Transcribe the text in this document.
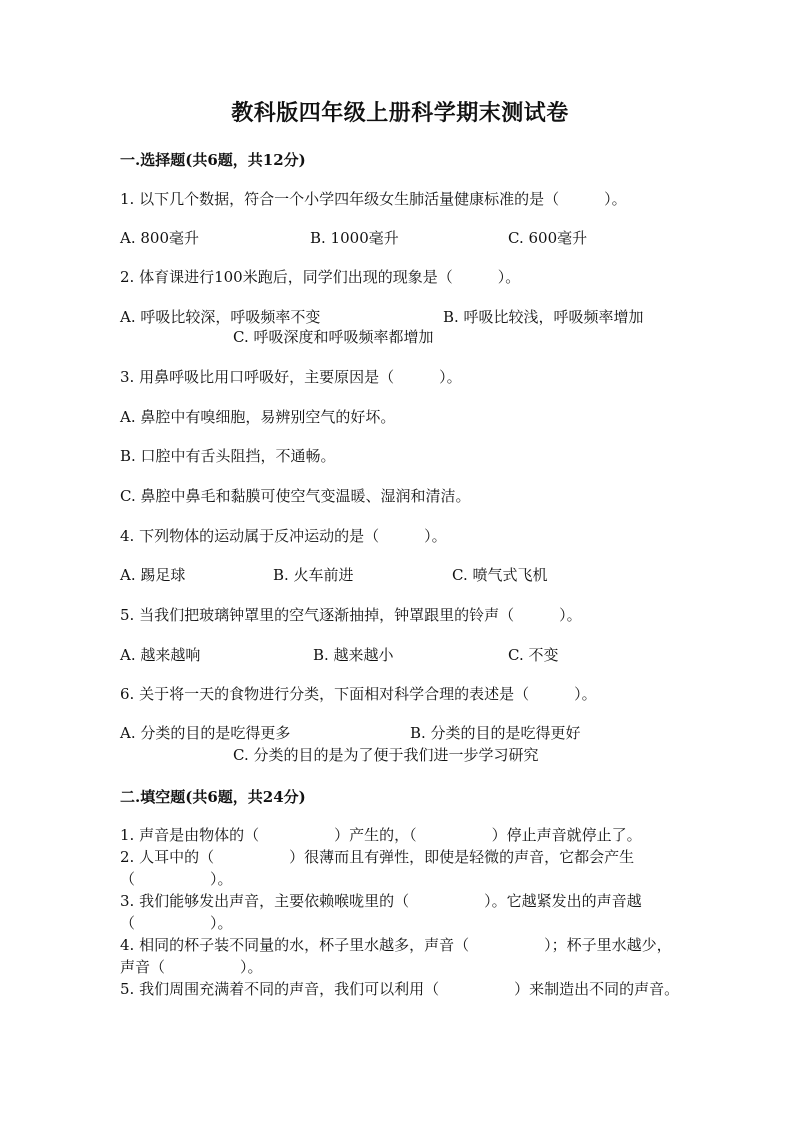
教科版四年级上册科学期末测试卷
一.选择题(共6题，共12分)
1. 以下几个数据，符合一个小学四年级女生肺活量健康标准的是（　　　）。
A. 800毫升	B. 1000毫升	C. 600毫升
2. 体育课进行100米跑后，同学们出现的现象是（　　　）。
A. 呼吸比较深，呼吸频率不变	B. 呼吸比较浅，呼吸频率增加
C. 呼吸深度和呼吸频率都增加
3. 用鼻呼吸比用口呼吸好，主要原因是（　　　）。
A. 鼻腔中有嗅细胞，易辨别空气的好坏。
B. 口腔中有舌头阻挡，不通畅。
C. 鼻腔中鼻毛和黏膜可使空气变温暖、湿润和清洁。
4. 下列物体的运动属于反冲运动的是（　　　）。
A. 踢足球	B. 火车前进	C. 喷气式飞机
5. 当我们把玻璃钟罩里的空气逐渐抽掉，钟罩跟里的铃声（　　　）。
A. 越来越响	B. 越来越小	C. 不变
6. 关于将一天的食物进行分类，下面相对科学合理的表述是（　　　）。
A. 分类的目的是吃得更多	B. 分类的目的是吃得更好
C. 分类的目的是为了便于我们进一步学习研究
二.填空题(共6题，共24分)

1. 声音是由物体的（　　　　　）产生的，（　　　　　）停止声音就停止了。

2. 人耳中的（　　　　　）很薄而且有弹性，即使是轻微的声音，它都会产生（　　　　　）。

3. 我们能够发出声音，主要依赖喉咙里的（　　　　　）。它越紧发出的声音越（　　　　　）。

4. 相同的杯子装不同量的水，杯子里水越多，声音（　　　　　）；杯子里水越少，声音（　　　　　）。

5. 我们周围充满着不同的声音，我们可以利用（　　　　　）来制造出不同的声音。
